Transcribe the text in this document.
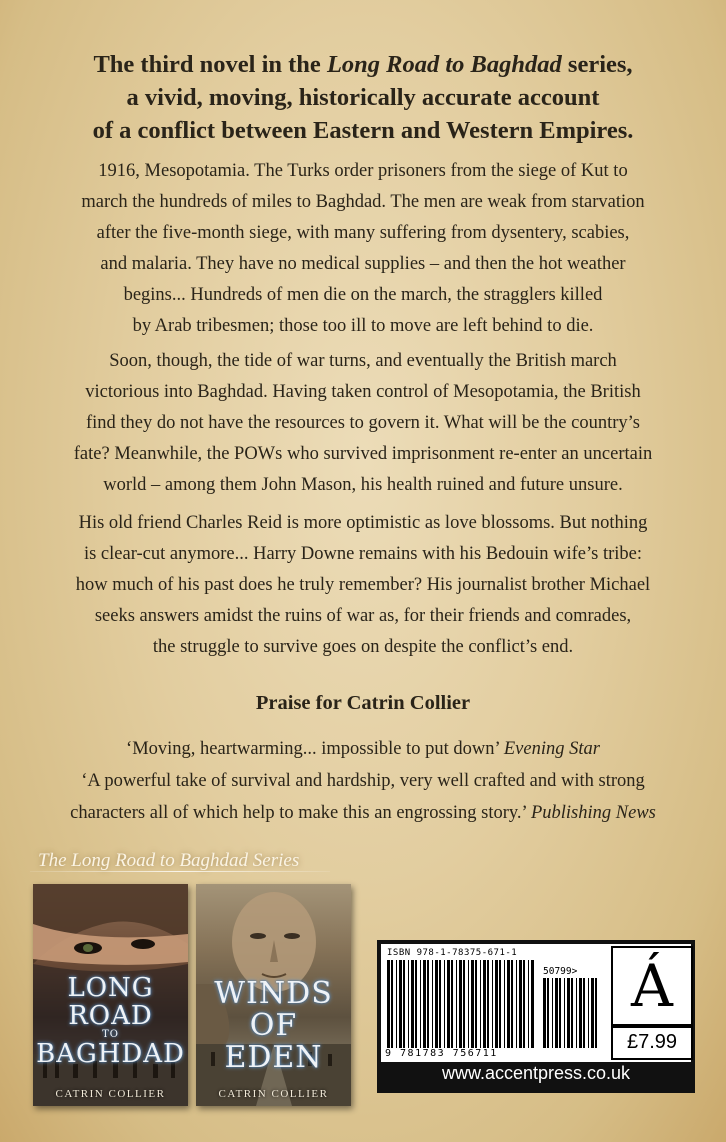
The third novel in the Long Road to Baghdad series,
a vivid, moving, historically accurate account
of a conflict between Eastern and Western Empires.
1916, Mesopotamia. The Turks order prisoners from the siege of Kut to
march the hundreds of miles to Baghdad. The men are weak from starvation
after the five-month siege, with many suffering from dysentery, scabies,
and malaria. They have no medical supplies – and then the hot weather
begins... Hundreds of men die on the march, the stragglers killed
by Arab tribesmen; those too ill to move are left behind to die.
Soon, though, the tide of war turns, and eventually the British march
victorious into Baghdad. Having taken control of Mesopotamia, the British
find they do not have the resources to govern it. What will be the country’s
fate? Meanwhile, the POWs who survived imprisonment re-enter an uncertain
world – among them John Mason, his health ruined and future unsure.
His old friend Charles Reid is more optimistic as love blossoms. But nothing
is clear-cut anymore... Harry Downe remains with his Bedouin wife’s tribe:
how much of his past does he truly remember? His journalist brother Michael
seeks answers amidst the ruins of war as, for their friends and comrades,
the struggle to survive goes on despite the conflict’s end.
Praise for Catrin Collier
‘Moving, heartwarming... impossible to put down’ Evening Star
‘A powerful take of survival and hardship, very well crafted and with strong
characters all of which help to make this an engrossing story.’ Publishing News
The Long Road to Baghdad Series
LONG ROAD
TO
BAGHDAD
CATRIN COLLIER
WINDS OF
EDEN
CATRIN COLLIER
ISBN 978-1-78375-671-1
50799>
9 781783 756711
Á
£7.99
www.accentpress.co.uk
